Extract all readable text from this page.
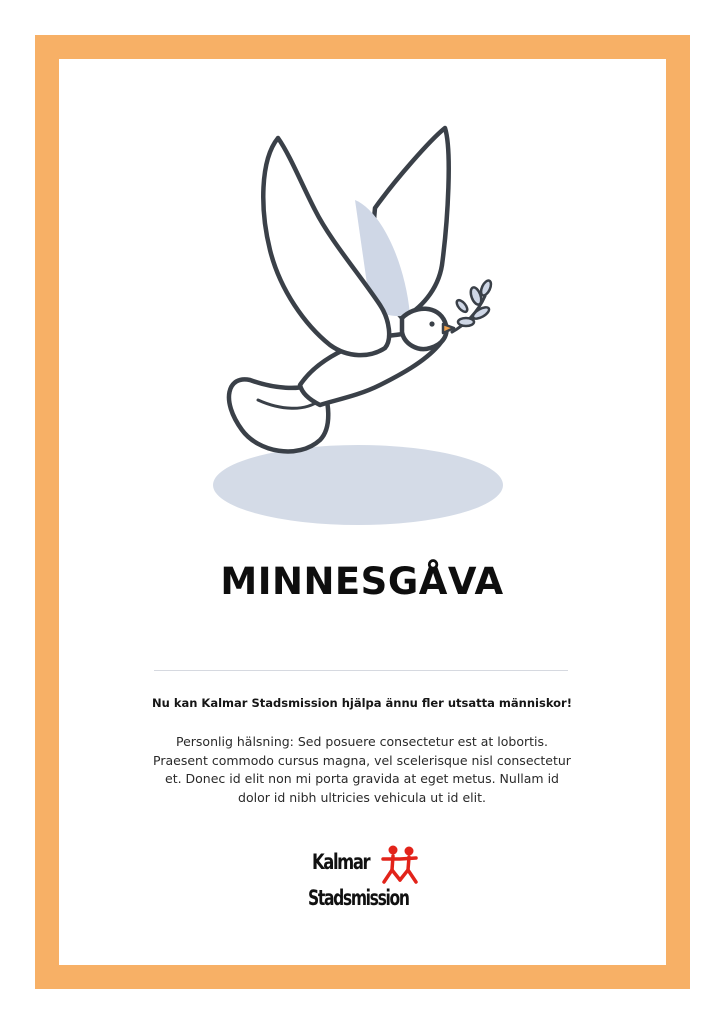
MINNESGÅVA
Nu kan Kalmar Stadsmission hjälpa ännu fler utsatta människor!
Personlig hälsning: Sed posuere consectetur est at lobortis. Praesent commodo cursus magna, vel scelerisque nisl consectetur et. Donec id elit non mi porta gravida at eget metus. Nullam id dolor id nibh ultricies vehicula ut id elit.
Kalmar
Stadsmission
